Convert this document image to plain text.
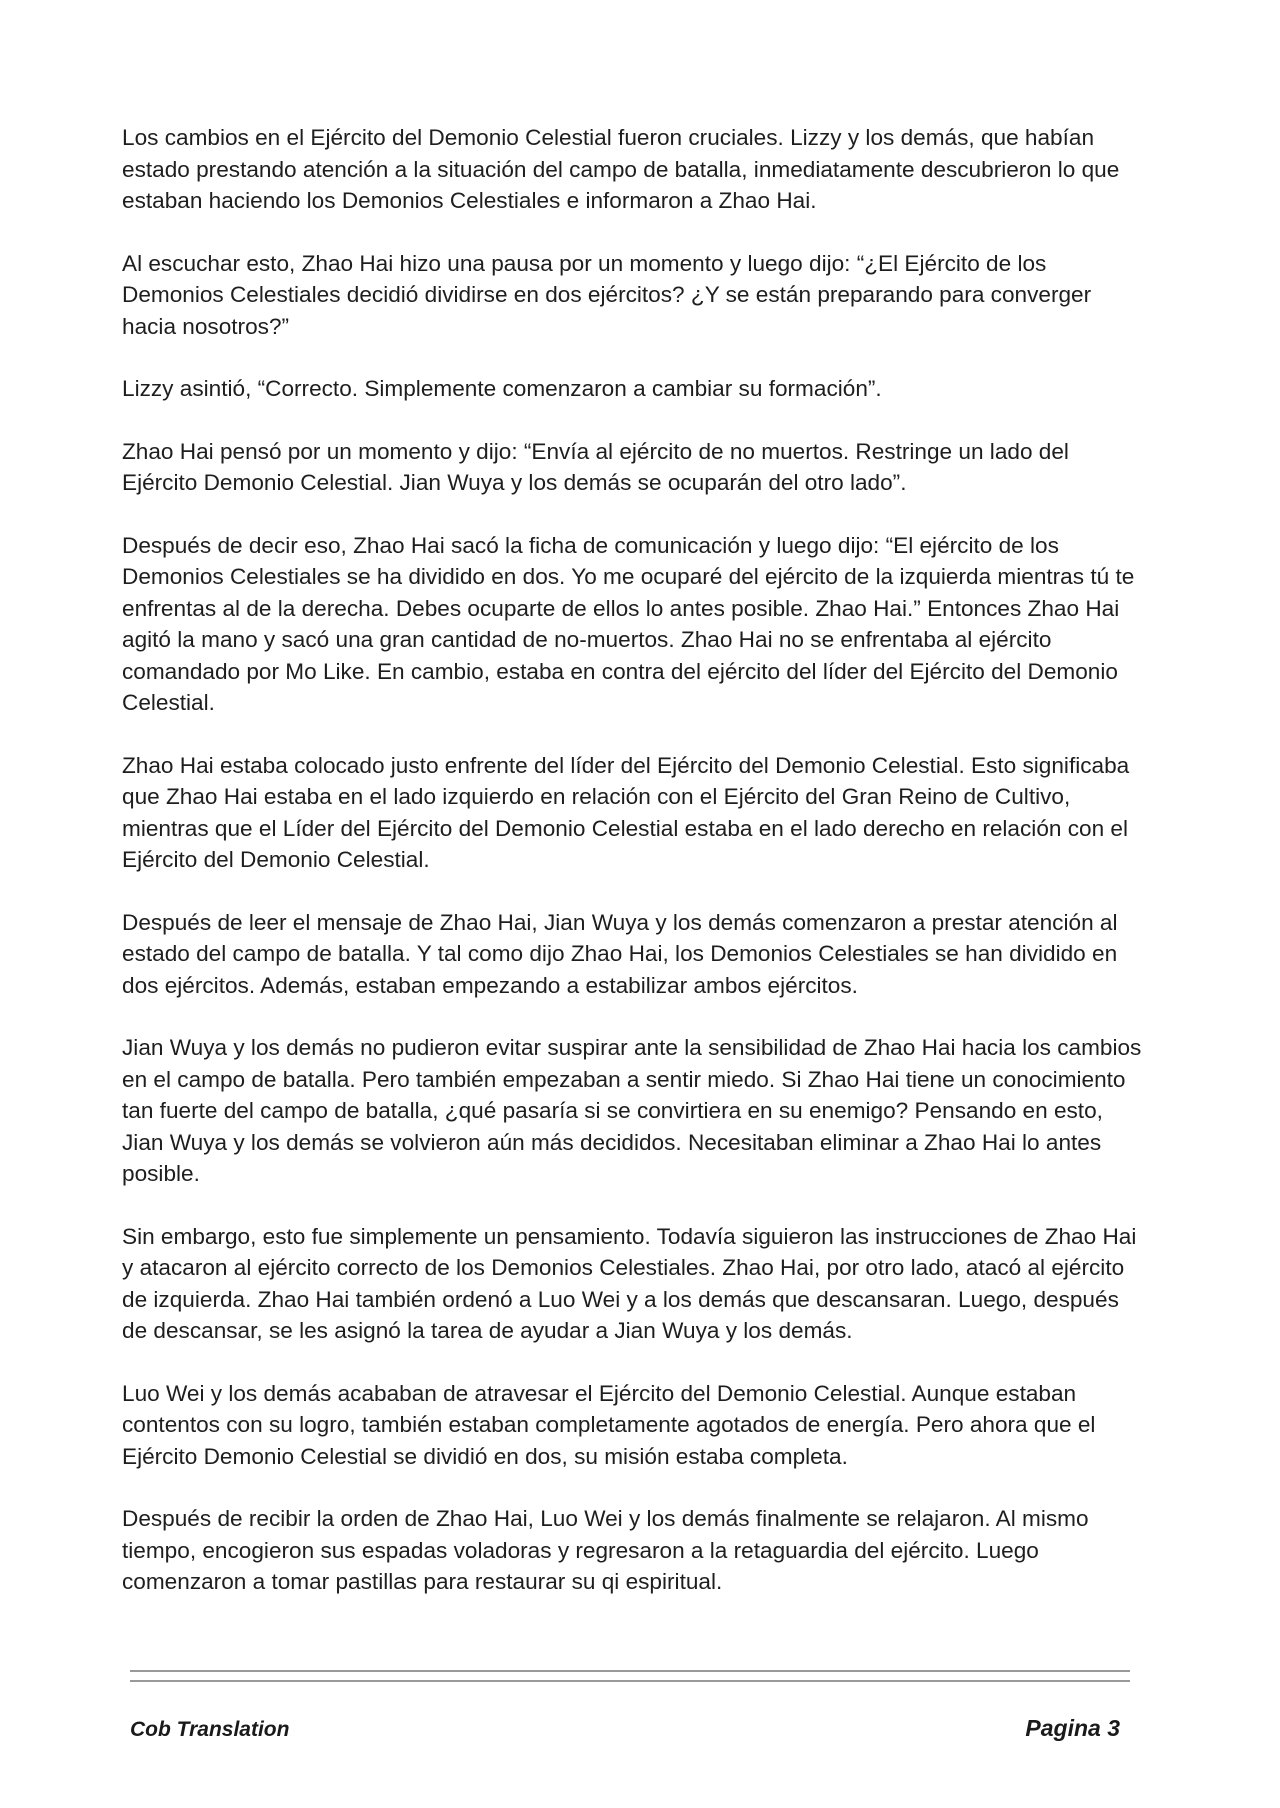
Los cambios en el Ejército del Demonio Celestial fueron cruciales. Lizzy y los demás, que habían estado prestando atención a la situación del campo de batalla, inmediatamente descubrieron lo que estaban haciendo los Demonios Celestiales e informaron a Zhao Hai.

Al escuchar esto, Zhao Hai hizo una pausa por un momento y luego dijo: “¿El Ejército de los Demonios Celestiales decidió dividirse en dos ejércitos? ¿Y se están preparando para converger hacia nosotros?”

Lizzy asintió, “Correcto. Simplemente comenzaron a cambiar su formación”.

Zhao Hai pensó por un momento y dijo: “Envía al ejército de no muertos. Restringe un lado del Ejército Demonio Celestial. Jian Wuya y los demás se ocuparán del otro lado”.

Después de decir eso, Zhao Hai sacó la ficha de comunicación y luego dijo: “El ejército de los Demonios Celestiales se ha dividido en dos. Yo me ocuparé del ejército de la izquierda mientras tú te enfrentas al de la derecha. Debes ocuparte de ellos lo antes posible. Zhao Hai.” Entonces Zhao Hai agitó la mano y sacó una gran cantidad de no-muertos. Zhao Hai no se enfrentaba al ejército comandado por Mo Like. En cambio, estaba en contra del ejército del líder del Ejército del Demonio Celestial.

Zhao Hai estaba colocado justo enfrente del líder del Ejército del Demonio Celestial. Esto significaba que Zhao Hai estaba en el lado izquierdo en relación con el Ejército del Gran Reino de Cultivo, mientras que el Líder del Ejército del Demonio Celestial estaba en el lado derecho en relación con el Ejército del Demonio Celestial.

Después de leer el mensaje de Zhao Hai, Jian Wuya y los demás comenzaron a prestar atención al estado del campo de batalla. Y tal como dijo Zhao Hai, los Demonios Celestiales se han dividido en dos ejércitos. Además, estaban empezando a estabilizar ambos ejércitos.

Jian Wuya y los demás no pudieron evitar suspirar ante la sensibilidad de Zhao Hai hacia los cambios en el campo de batalla. Pero también empezaban a sentir miedo. Si Zhao Hai tiene un conocimiento tan fuerte del campo de batalla, ¿qué pasaría si se convirtiera en su enemigo? Pensando en esto, Jian Wuya y los demás se volvieron aún más decididos. Necesitaban eliminar a Zhao Hai lo antes posible.

Sin embargo, esto fue simplemente un pensamiento. Todavía siguieron las instrucciones de Zhao Hai y atacaron al ejército correcto de los Demonios Celestiales. Zhao Hai, por otro lado, atacó al ejército de izquierda. Zhao Hai también ordenó a Luo Wei y a los demás que descansaran. Luego, después de descansar, se les asignó la tarea de ayudar a Jian Wuya y los demás.

Luo Wei y los demás acababan de atravesar el Ejército del Demonio Celestial. Aunque estaban contentos con su logro, también estaban completamente agotados de energía. Pero ahora que el Ejército Demonio Celestial se dividió en dos, su misión estaba completa.

Después de recibir la orden de Zhao Hai, Luo Wei y los demás finalmente se relajaron. Al mismo tiempo, encogieron sus espadas voladoras y regresaron a la retaguardia del ejército. Luego comenzaron a tomar pastillas para restaurar su qi espiritual.

Cob Translation	Pagina 3
